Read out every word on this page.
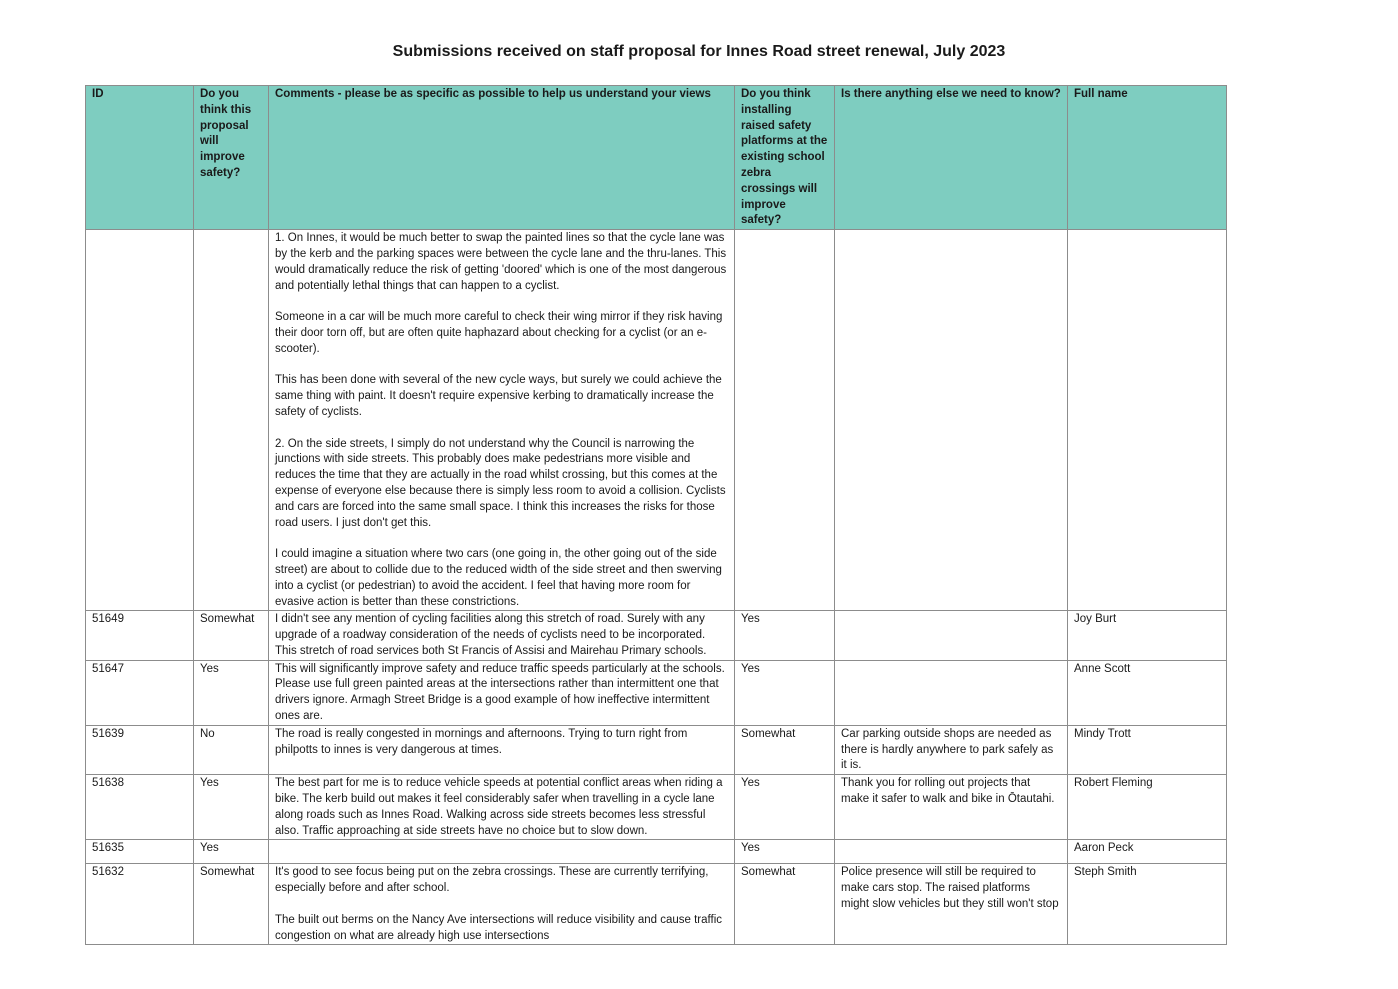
Submissions received on staff proposal for Innes Road street renewal, July 2023
ID	Do you think this proposal will improve safety?	Comments - please be as specific as possible to help us understand your views	Do you think installing raised safety platforms at the existing school zebra crossings will improve safety?	Is there anything else we need to know?	Full name

		1. On Innes, it would be much better to swap the painted lines so that the cycle lane was by the kerb and the parking spaces were between the cycle lane and the thru-lanes. This would dramatically reduce the risk of getting 'doored' which is one of the most dangerous and potentially lethal things that can happen to a cyclist.
Someone in a car will be much more careful to check their wing mirror if they risk having their door torn off, but are often quite haphazard about checking for a cyclist (or an e-scooter).
This has been done with several of the new cycle ways, but surely we could achieve the same thing with paint. It doesn't require expensive kerbing to dramatically increase the safety of cyclists.
2. On the side streets, I simply do not understand why the Council is narrowing the junctions with side streets. This probably does make pedestrians more visible and reduces the time that they are actually in the road whilst crossing, but this comes at the expense of everyone else because there is simply less room to avoid a collision. Cyclists and cars are forced into the same small space. I think this increases the risks for those road users. I just don't get this.
I could imagine a situation where two cars (one going in, the other going out of the side street) are about to collide due to the reduced width of the side street and then swerving into a cyclist (or pedestrian) to avoid the accident. I feel that having more room for evasive action is better than these constrictions.			

51649	Somewhat	I didn't see any mention of cycling facilities along this stretch of road. Surely with any upgrade of a roadway consideration of the needs of cyclists need to be incorporated. This stretch of road services both St Francis of Assisi and Mairehau Primary schools.	Yes		Joy Burt
51647	Yes	This will significantly improve safety and reduce traffic speeds particularly at the schools. Please use full green painted areas at the intersections rather than intermittent one that drivers ignore. Armagh Street Bridge is a good example of how ineffective intermittent ones are.	Yes		Anne Scott
51639	No	The road is really congested in mornings and afternoons. Trying to turn right from philpotts to innes is very dangerous at times.	Somewhat	Car parking outside shops are needed as there is hardly anywhere to park safely as it is.	Mindy Trott
51638	Yes	The best part for me is to reduce vehicle speeds at potential conflict areas when riding a bike. The kerb build out makes it feel considerably safer when travelling in a cycle lane along roads such as Innes Road. Walking across side streets becomes less stressful also. Traffic approaching at side streets have no choice but to slow down.	Yes	Thank you for rolling out projects that make it safer to walk and bike in Ōtautahi.	Robert Fleming
51635	Yes		Yes		Aaron Peck
51632	Somewhat	It's good to see focus being put on the zebra crossings. These are currently terrifying, especially before and after school.
The built out berms on the Nancy Ave intersections will reduce visibility and cause traffic congestion on what are already high use intersections	Somewhat	Police presence will still be required to make cars stop. The raised platforms might slow vehicles but they still won't stop	Steph Smith
